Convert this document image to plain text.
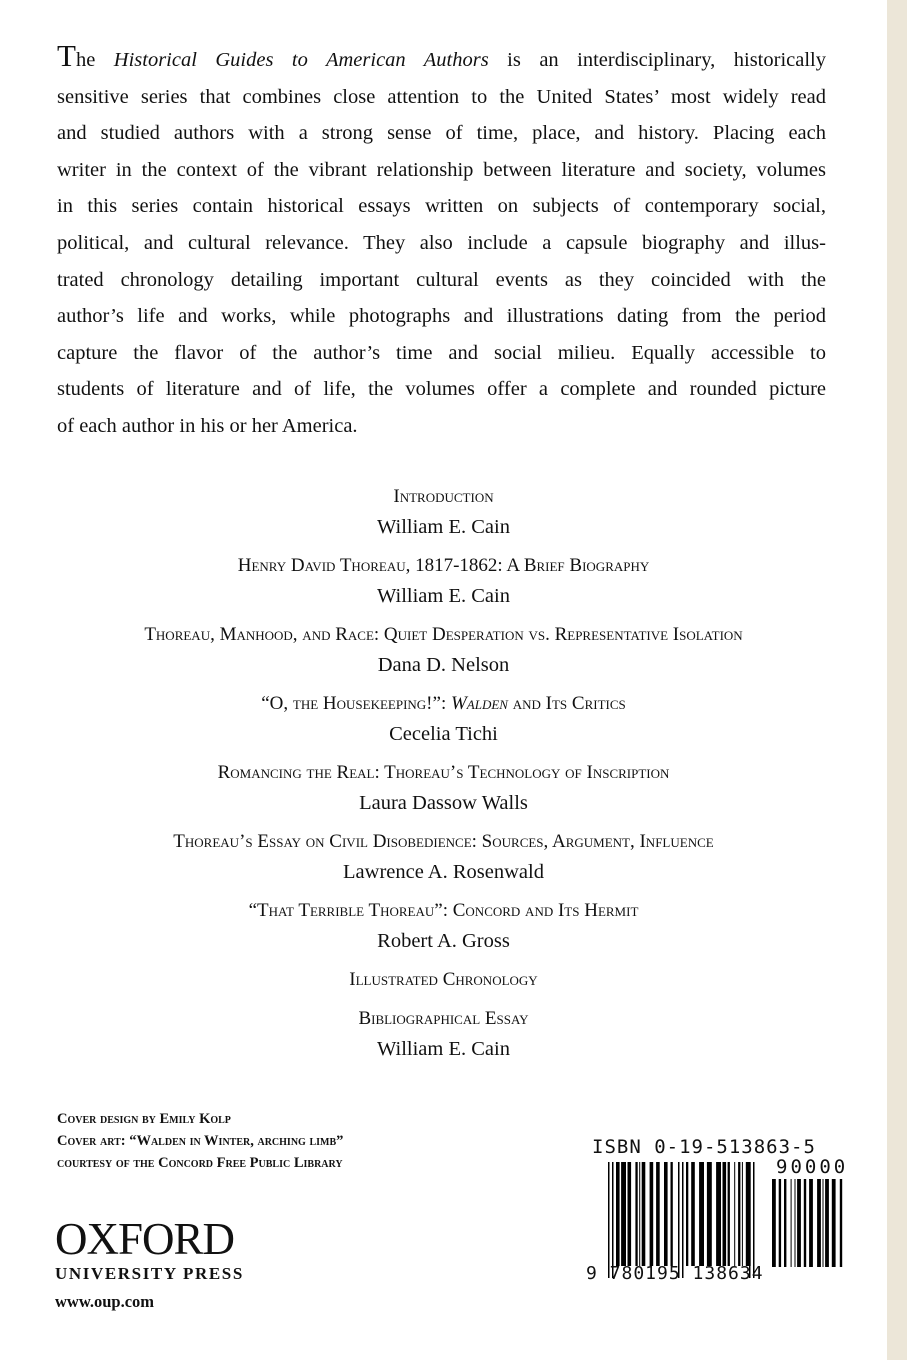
The Historical Guides to American Authors is an interdisciplinary, historically
sensitive series that combines close attention to the United States’ most widely read
and studied authors with a strong sense of time, place, and history. Placing each
writer in the context of the vibrant relationship between literature and society, volumes
in this series contain historical essays written on subjects of contemporary social,
political, and cultural relevance. They also include a capsule biography and illus-
trated chronology detailing important cultural events as they coincided with the
author’s life and works, while photographs and illustrations dating from the period
capture the flavor of the author’s time and social milieu. Equally accessible to
students of literature and of life, the volumes offer a complete and rounded picture
of each author in his or her America.
Introduction
William E. Cain
Henry David Thoreau, 1817-1862: A Brief Biography
William E. Cain
Thoreau, Manhood, and Race: Quiet Desperation vs. Representative Isolation
Dana D. Nelson
“O, the Housekeeping!”: Walden and Its Critics
Cecelia Tichi
Romancing the Real: Thoreau’s Technology of Inscription
Laura Dassow Walls
Thoreau’s Essay on Civil Disobedience: Sources, Argument, Influence
Lawrence A. Rosenwald
“That Terrible Thoreau”: Concord and Its Hermit
Robert A. Gross
Illustrated Chronology
Bibliographical Essay
William E. Cain
Cover design by Emily Kolp
Cover art: “Walden in Winter, arching limb”
courtesy of the Concord Free Public Library
OXFORD
UNIVERSITY PRESS
www.oup.com
ISBN 0-19-513863-5
90000
9 780195 138634
